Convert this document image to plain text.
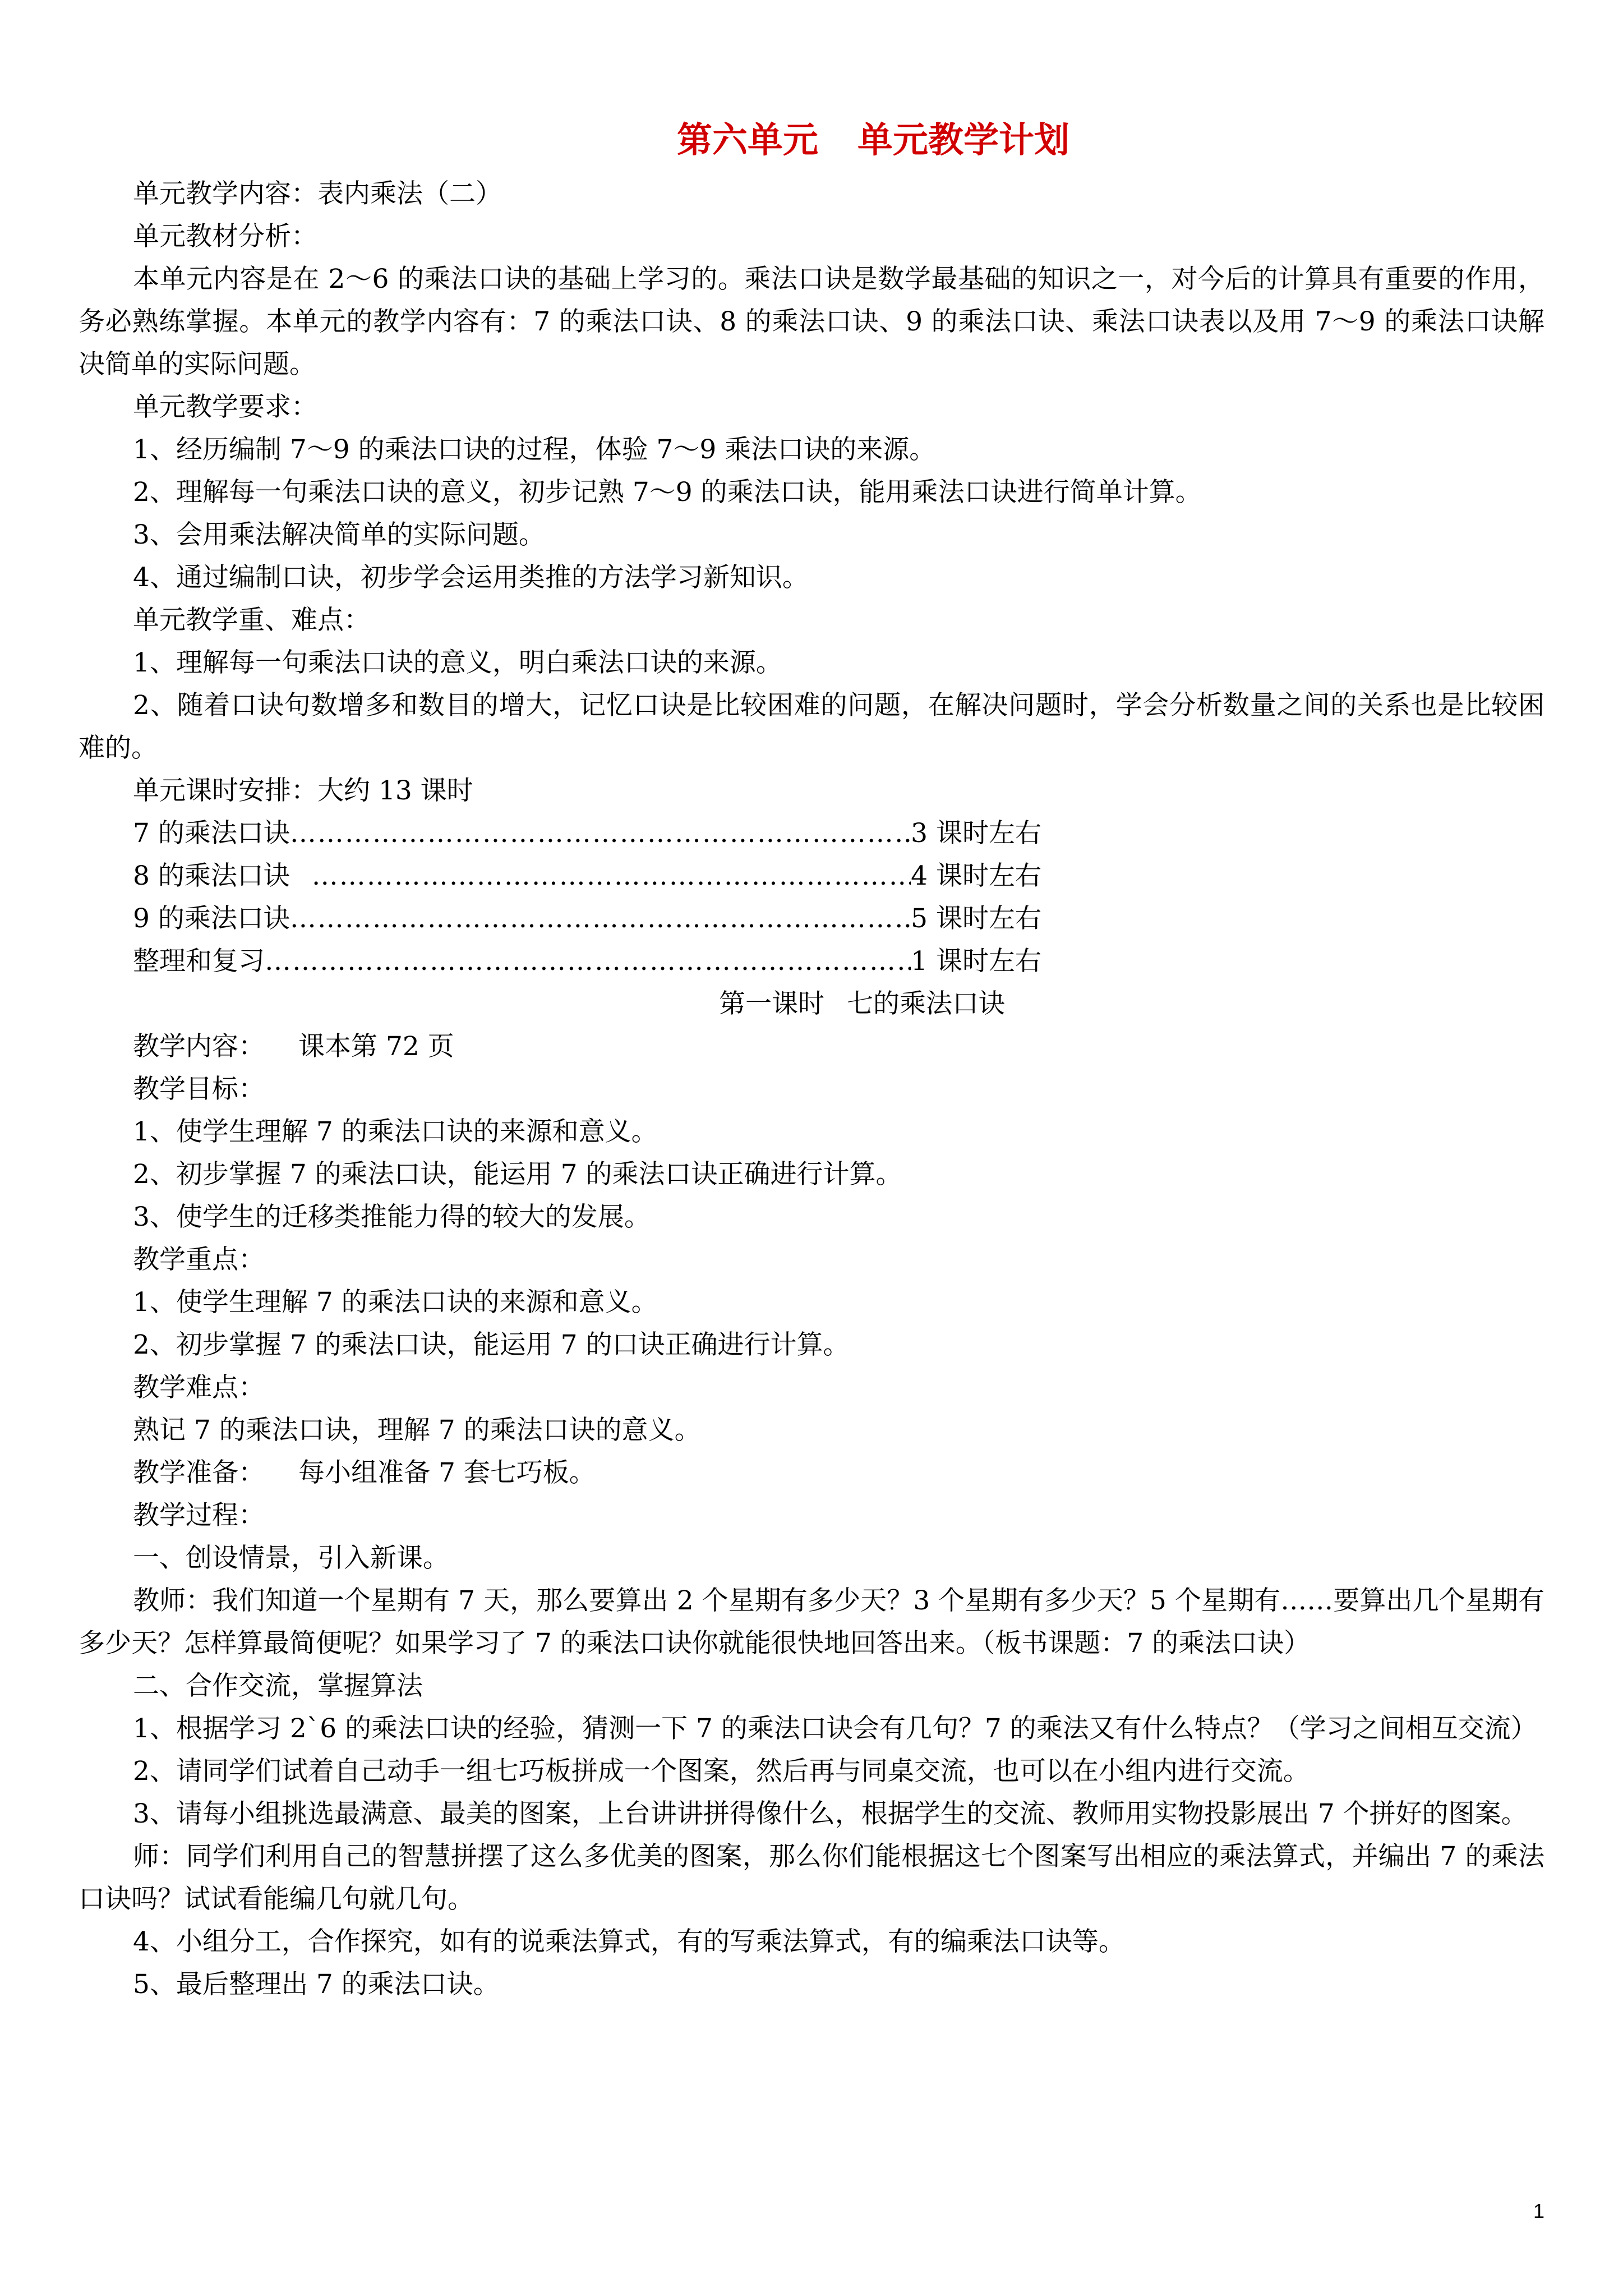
第六单元 单元教学计划

单元教学内容：表内乘法（二）

单元教材分析：

本单元内容是在 2～6 的乘法口诀的基础上学习的。乘法口诀是数学最基础的知识之一，对今后的计算具有重要的作用，务必熟练掌握。本单元的教学内容有：7 的乘法口诀、8 的乘法口诀、9 的乘法口诀、乘法口诀表以及用 7～9 的乘法口诀解决简单的实际问题。

单元教学要求：

1、经历编制 7～9 的乘法口诀的过程，体验 7～9 乘法口诀的来源。

2、理解每一句乘法口诀的意义，初步记熟 7～9 的乘法口诀，能用乘法口诀进行简单计算。

3、会用乘法解决简单的实际问题。

4、通过编制口诀，初步学会运用类推的方法学习新知识。

单元教学重、难点：

1、理解每一句乘法口诀的意义，明白乘法口诀的来源。

2、随着口诀句数增多和数目的增大，记忆口诀是比较困难的问题，在解决问题时，学会分析数量之间的关系也是比较困难的。

单元课时安排：大约 13 课时

7 的乘法口诀 ……………………………………………………………………………………………………………………………………	3 课时左右
8 的乘法口诀 ……………………………………………………………………………………………………………………………………	4 课时左右
9 的乘法口诀 ……………………………………………………………………………………………………………………………………	5 课时左右
整理和复习 ……………………………………………………………………………………………………………………………………	1 课时左右
第一课时 七的乘法口诀

教学内容： 课本第 72 页

教学目标：

1、使学生理解 7 的乘法口诀的来源和意义。

2、初步掌握 7 的乘法口诀，能运用 7 的乘法口诀正确进行计算。

3、使学生的迁移类推能力得的较大的发展。

教学重点：

1、使学生理解 7 的乘法口诀的来源和意义。

2、初步掌握 7 的乘法口诀，能运用 7 的口诀正确进行计算。

教学难点：

熟记 7 的乘法口诀，理解 7 的乘法口诀的意义。

教学准备： 每小组准备 7 套七巧板。

教学过程：

一、创设情景，引入新课。

教师：我们知道一个星期有 7 天，那么要算出 2 个星期有多少天？3 个星期有多少天？5 个星期有……要算出几个星期有多少天？怎样算最简便呢？如果学习了 7 的乘法口诀你就能很快地回答出来。（板书课题：7 的乘法口诀）

二、合作交流，掌握算法

1、根据学习 2ˋ6 的乘法口诀的经验，猜测一下 7 的乘法口诀会有几句？7 的乘法又有什么特点？（学习之间相互交流）

2、请同学们试着自己动手一组七巧板拼成一个图案，然后再与同桌交流，也可以在小组内进行交流。

3、请每小组挑选最满意、最美的图案，上台讲讲拼得像什么，根据学生的交流、教师用实物投影展出 7 个拼好的图案。

师：同学们利用自己的智慧拼摆了这么多优美的图案，那么你们能根据这七个图案写出相应的乘法算式，并编出 7 的乘法口诀吗？试试看能编几句就几句。

4、小组分工，合作探究，如有的说乘法算式，有的写乘法算式，有的编乘法口诀等。

5、最后整理出 7 的乘法口诀。

1
